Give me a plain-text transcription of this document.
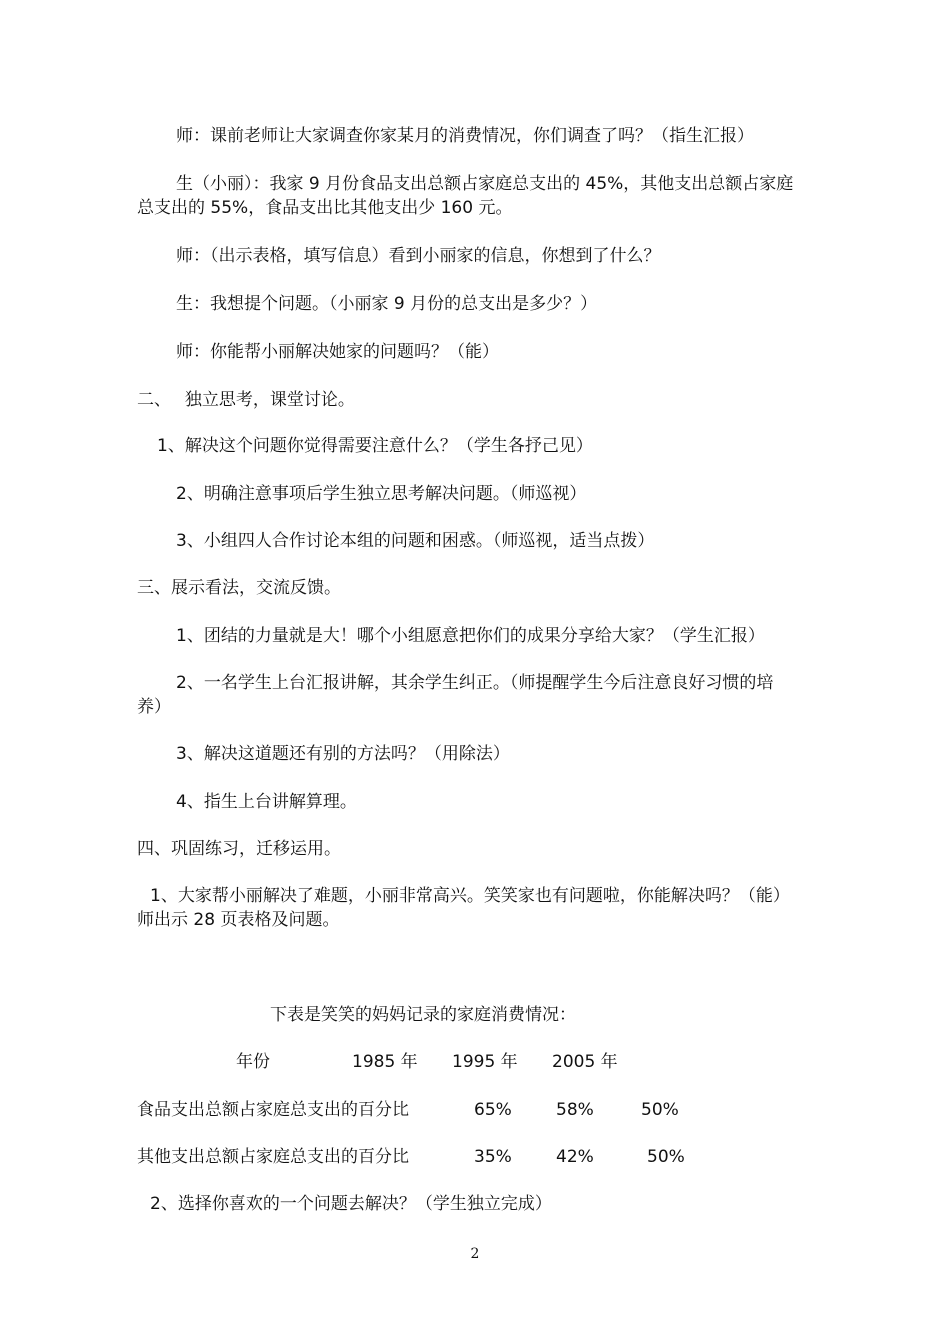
师：课前老师让大家调查你家某月的消费情况，你们调查了吗？（指生汇报）
生（小丽）：我家 9 月份食品支出总额占家庭总支出的 45%，其他支出总额占家庭
总支出的 55%，食品支出比其他支出少 160 元。
师：（出示表格，填写信息）看到小丽家的信息，你想到了什么？
生：我想提个问题。（小丽家 9 月份的总支出是多少？）
师：你能帮小丽解决她家的问题吗？（能）
二、　 独立思考，课堂讨论。
1、解决这个问题你觉得需要注意什么？（学生各抒己见）
2、明确注意事项后学生独立思考解决问题。（师巡视）
3、小组四人合作讨论本组的问题和困惑。（师巡视，适当点拨）
三、展示看法，交流反馈。
1、团结的力量就是大！哪个小组愿意把你们的成果分享给大家？（学生汇报）
2、一名学生上台汇报讲解，其余学生纠正。（师提醒学生今后注意良好习惯的培
养）
3、解决这道题还有别的方法吗？（用除法）
4、指生上台讲解算理。
四、巩固练习，迁移运用。
1、大家帮小丽解决了难题，小丽非常高兴。笑笑家也有问题啦，你能解决吗？（能）
师出示 28 页表格及问题。
下表是笑笑的妈妈记录的家庭消费情况：
年份	1985 年 1995 年 2005 年
食品支出总额占家庭总支出的百分比	65%	58%	50%
其他支出总额占家庭总支出的百分比	35%	42%	50%
2、选择你喜欢的一个问题去解决？（学生独立完成）
2
